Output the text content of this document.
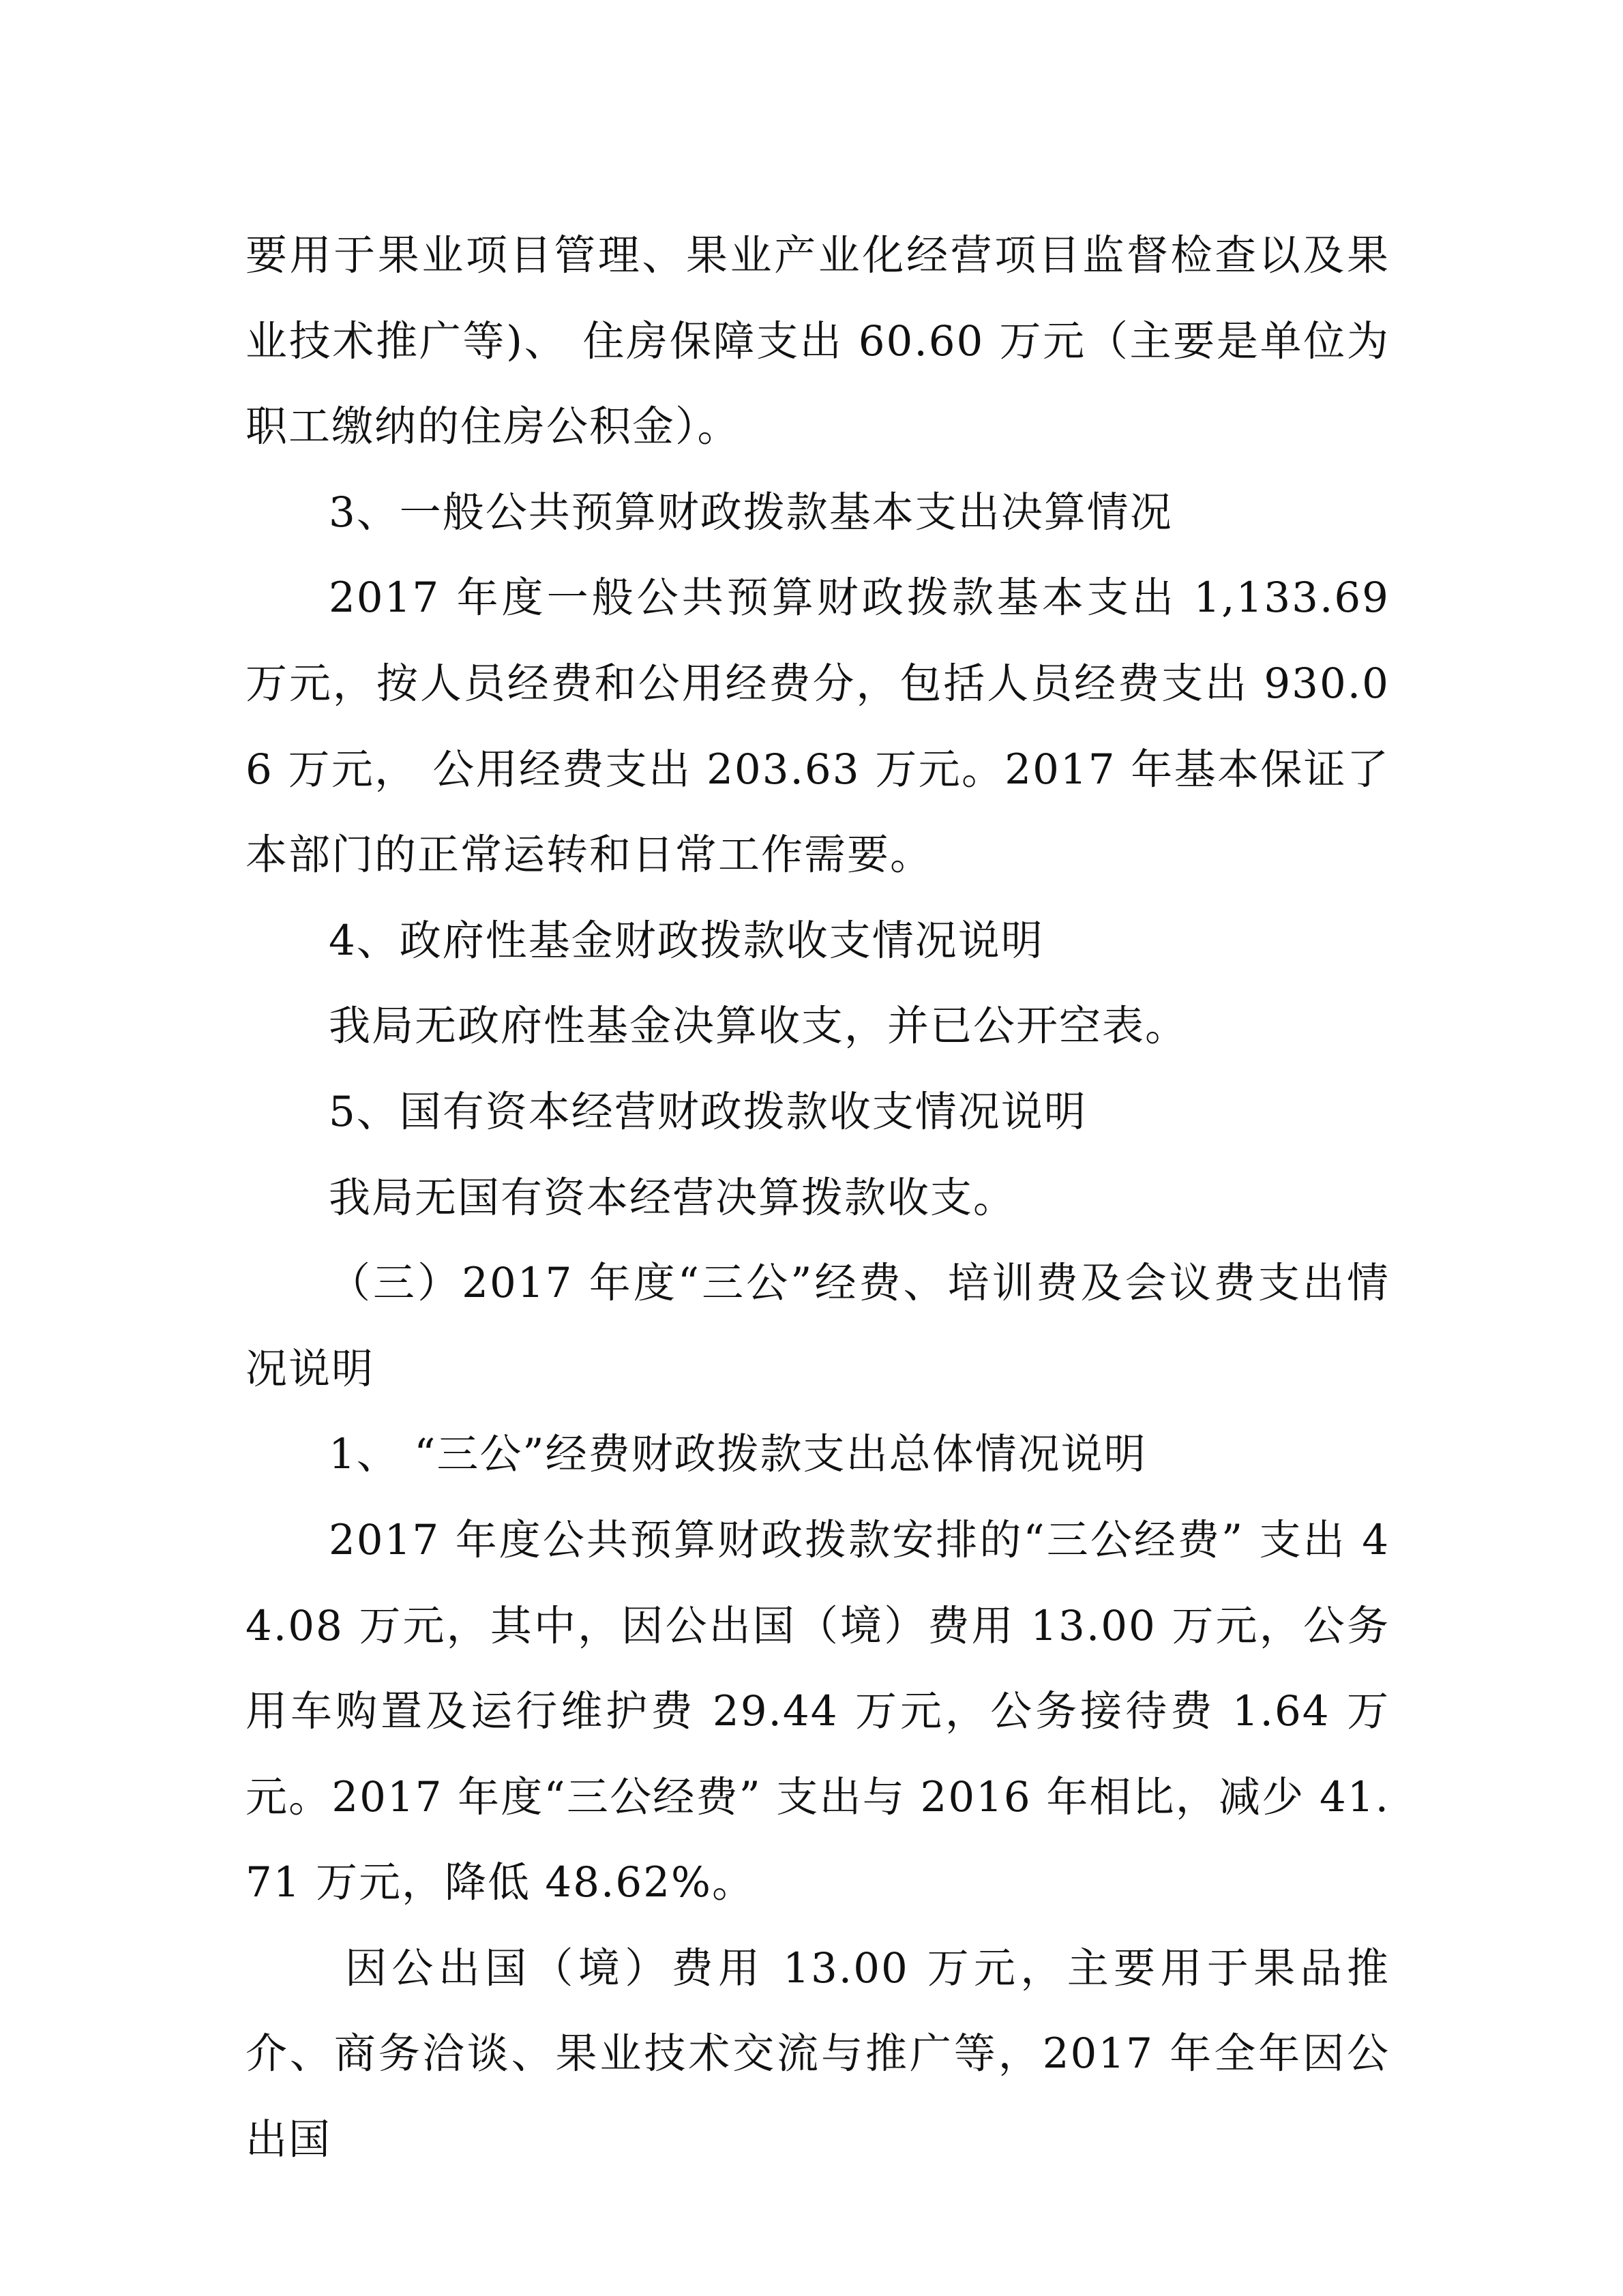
要用于果业项目管理、果业产业化经营项目监督检查以及果业技术推广等)、 住房保障支出 60.60 万元（主要是单位为职工缴纳的住房公积金）。

3、一般公共预算财政拨款基本支出决算情况

2017 年度一般公共预算财政拨款基本支出 1,133.69 万元，按人员经费和公用经费分，包括人员经费支出 930.06 万元， 公用经费支出 203.63 万元。2017 年基本保证了本部门的正常运转和日常工作需要。

4、政府性基金财政拨款收支情况说明

我局无政府性基金决算收支，并已公开空表。

5、国有资本经营财政拨款收支情况说明

我局无国有资本经营决算拨款收支。

（三）2017 年度“三公”经费、培训费及会议费支出情况说明

1、 “三公”经费财政拨款支出总体情况说明

2017 年度公共预算财政拨款安排的“三公经费” 支出 44.08 万元，其中，因公出国（境）费用 13.00 万元，公务用车购置及运行维护费 29.44 万元，公务接待费 1.64 万元。2017 年度“三公经费” 支出与 2016 年相比，减少 41.71 万元，降低 48.62%。

因公出国（境）费用 13.00 万元，主要用于果品推介、商务洽谈、果业技术交流与推广等，2017 年全年因公出国
